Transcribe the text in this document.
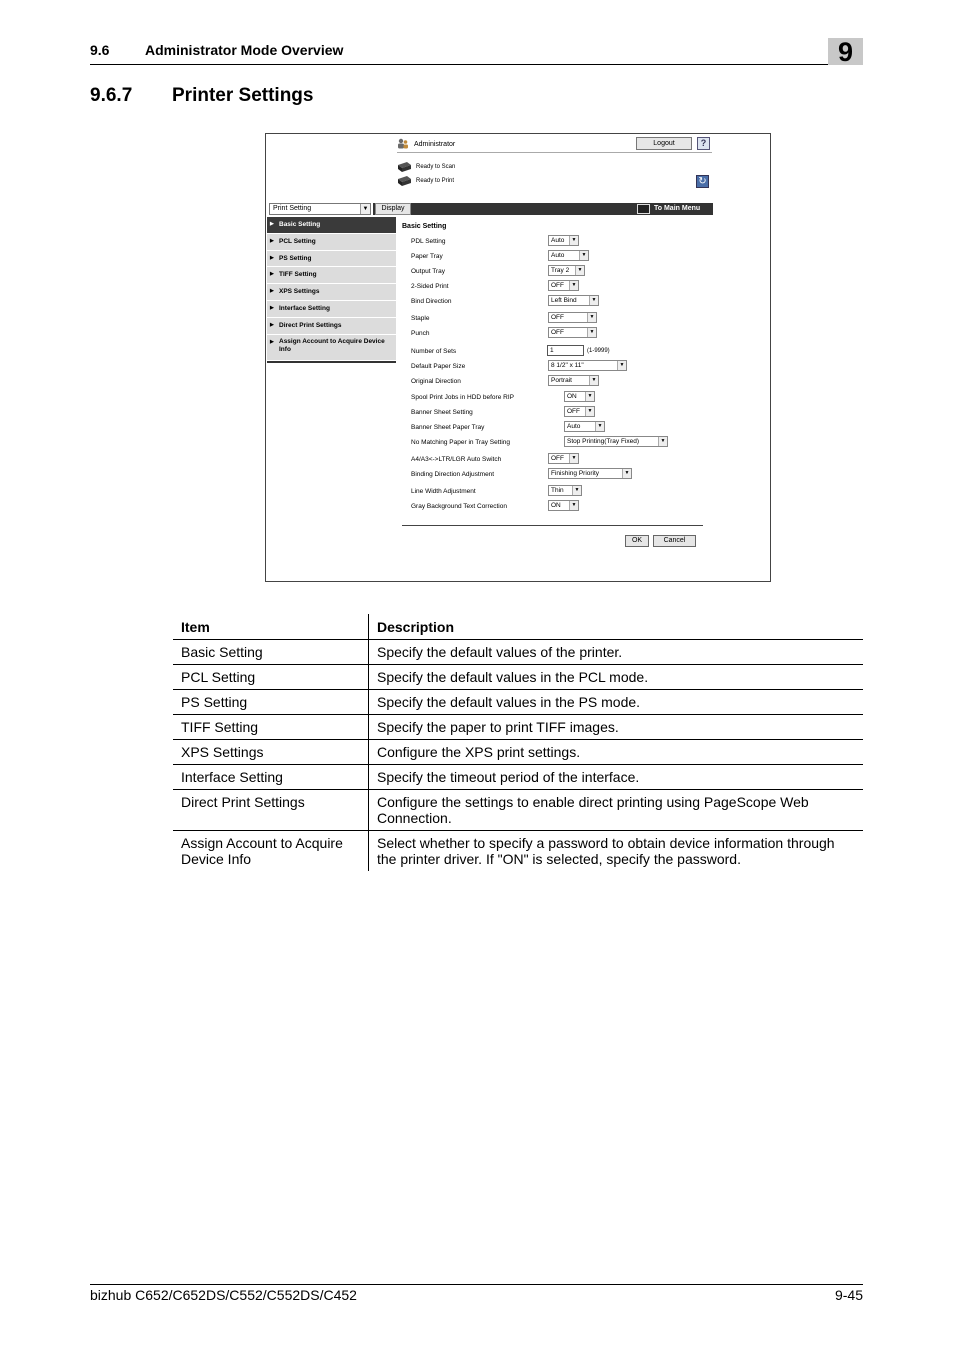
9.6	Administrator Mode Overview	9
9.6.7 Printer Settings
Administrator	Logout	?
Ready to Scan
Ready to Print	↻
To Main Menu
Print Setting	▼	Display
▶ Basic Setting
▶ PCL Setting
▶ PS Setting
▶ TIFF Setting
▶ XPS Settings
▶ Interface Setting
▶ Direct Print Settings
▶ Assign Account to Acquire Device Info
Basic Setting
PDL Setting	Auto	▼
Paper Tray	Auto	▼
Output Tray	Tray 2	▼
2-Sided Print	OFF	▼
Bind Direction	Left Bind	▼
Staple	OFF	▼
Punch	OFF	▼
Number of Sets	1	(1-9999)
Default Paper Size	8 1/2" x 11"	▼
Original Direction	Portrait	▼
Spool Print Jobs in HDD before RIP	ON	▼
Banner Sheet Setting	OFF	▼
Banner Sheet Paper Tray	Auto	▼
No Matching Paper in Tray Setting	Stop Printing(Tray Fixed)	▼
A4/A3<->LTR/LGR Auto Switch	OFF	▼
Binding Direction Adjustment	Finishing Priority	▼
Line Width Adjustment	Thin	▼
Gray Background Text Correction	ON	▼
OK	Cancel
Item	Description
Basic Setting	Specify the default values of the printer.
PCL Setting	Specify the default values in the PCL mode.
PS Setting	Specify the default values in the PS mode.
TIFF Setting	Specify the paper to print TIFF images.
XPS Settings	Configure the XPS print settings.
Interface Setting	Specify the timeout period of the interface.
Direct Print Settings	Configure the settings to enable direct printing using PageScope Web Connection.
Assign Account to Acquire Device Info	Select whether to specify a password to obtain device information through the printer driver. If "ON" is selected, specify the password.
bizhub C652/C652DS/C552/C552DS/C452	9-45
